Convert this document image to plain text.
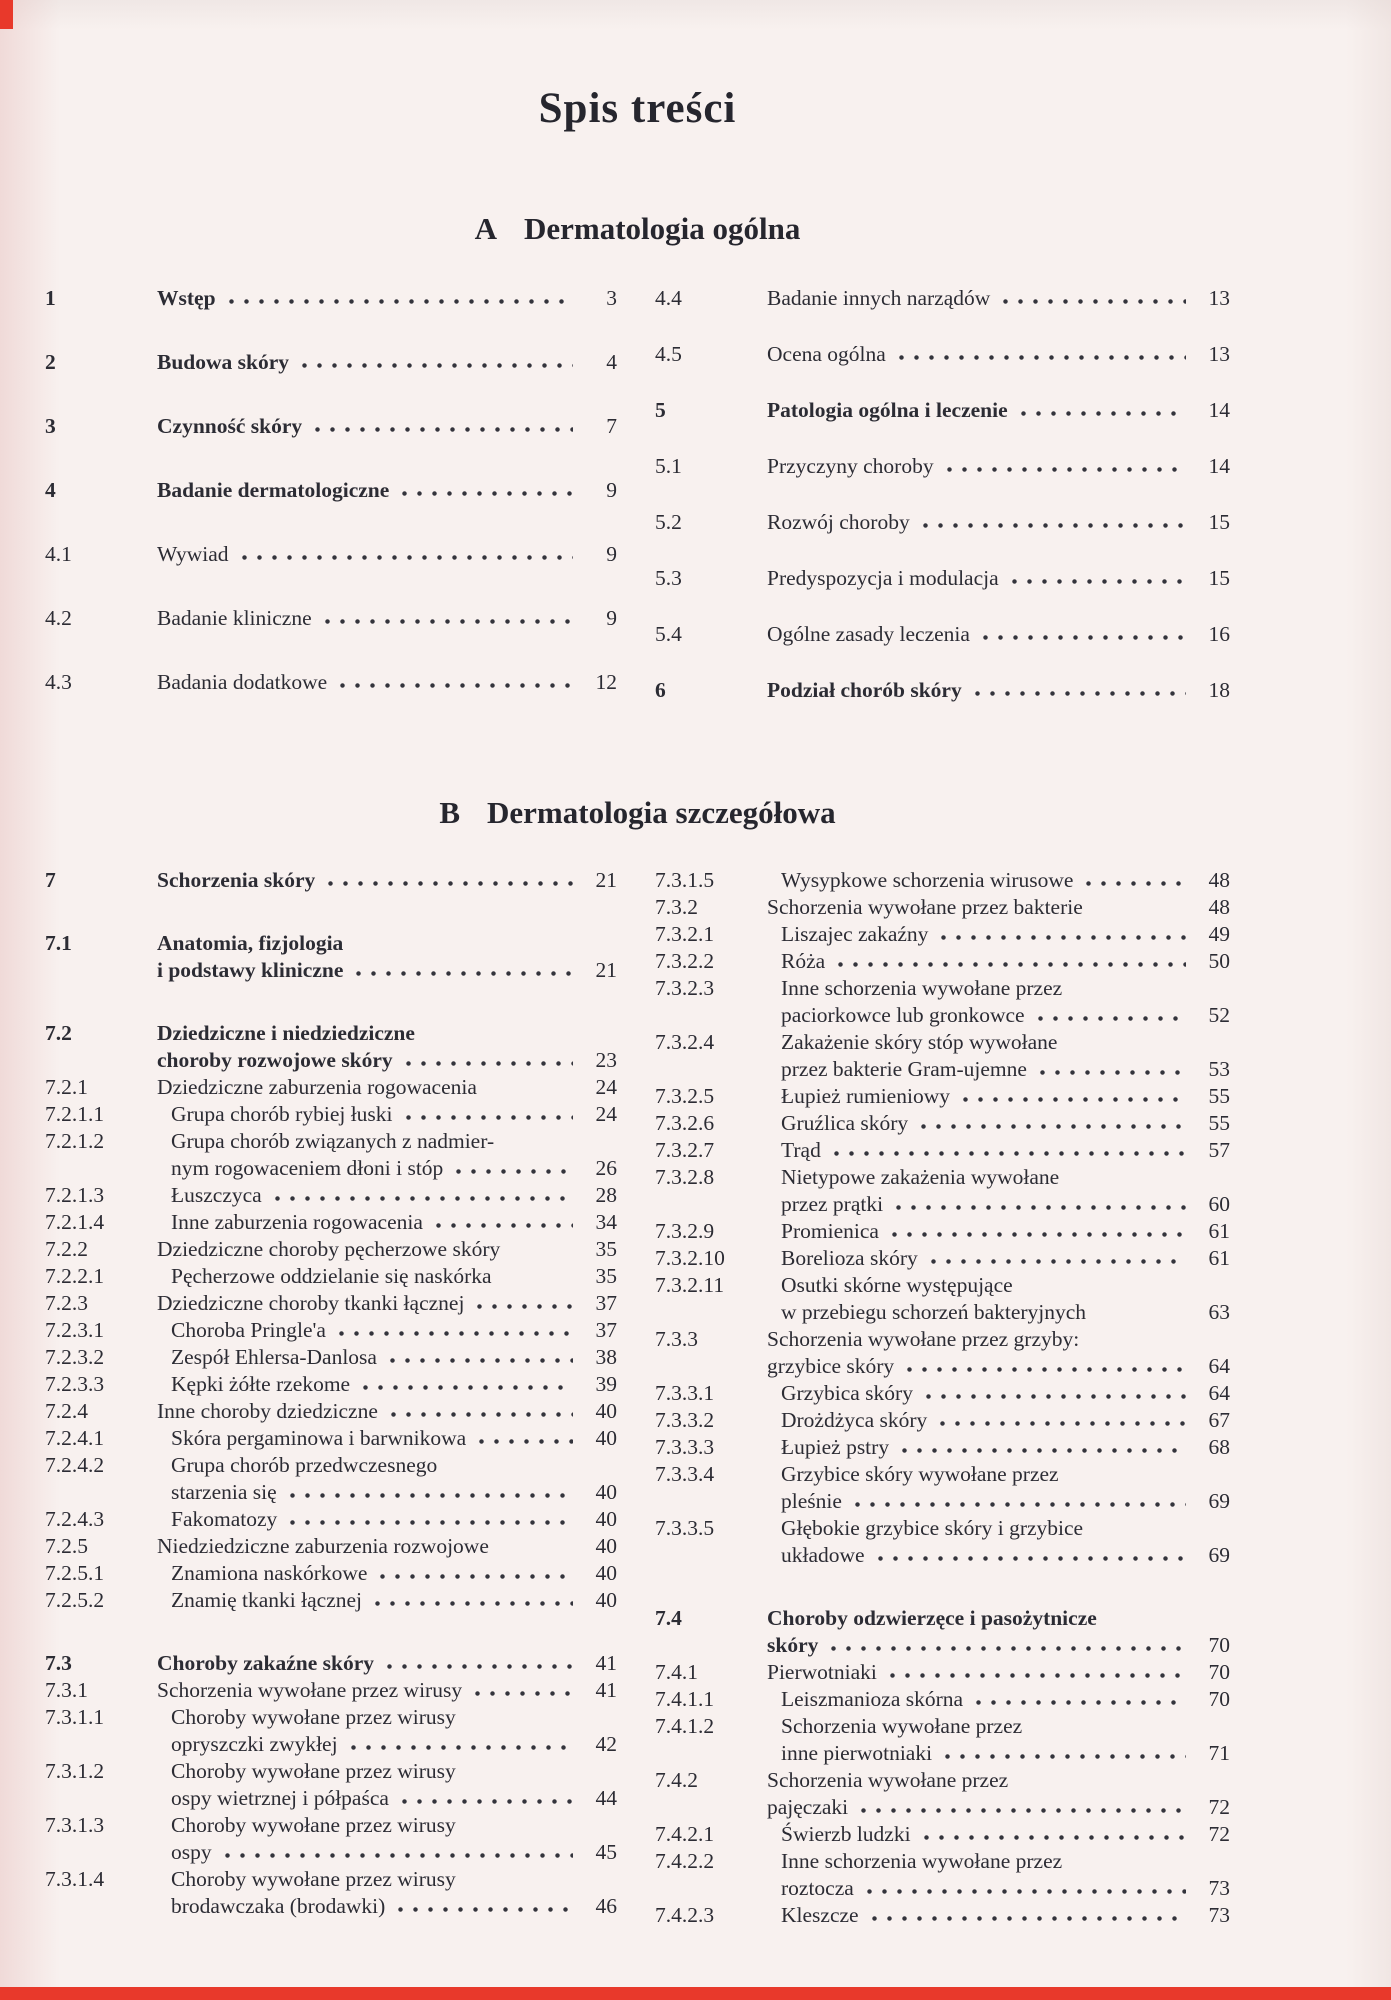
Spis treści
A Dermatologia ogólna
1	Wstęp	3
2	Budowa skóry	4
3	Czynność skóry	7
4	Badanie dermatologiczne	9
4.1	Wywiad	9
4.2	Badanie kliniczne	9
4.3	Badania dodatkowe	12
4.4	Badanie innych narządów	13
4.5	Ocena ogólna	13
5	Patologia ogólna i leczenie	14
5.1	Przyczyny choroby	14
5.2	Rozwój choroby	15
5.3	Predyspozycja i modulacja	15
5.4	Ogólne zasady leczenia	16
6	Podział chorób skóry	18
B Dermatologia szczegółowa
7	Schorzenia skóry	21
7.1	Anatomia, fizjologia
i podstawy kliniczne	21
7.2	Dziedziczne i niedziedziczne
choroby rozwojowe skóry	23
7.2.1	Dziedziczne zaburzenia rogowacenia	24
7.2.1.1	Grupa chorób rybiej łuski	24
7.2.1.2	Grupa chorób związanych z nadmier-
nym rogowaceniem dłoni i stóp	26
7.2.1.3	Łuszczyca	28
7.2.1.4	Inne zaburzenia rogowacenia	34
7.2.2	Dziedziczne choroby pęcherzowe skóry	35
7.2.2.1	Pęcherzowe oddzielanie się naskórka	35
7.2.3	Dziedziczne choroby tkanki łącznej	37
7.2.3.1	Choroba Pringle'a	37
7.2.3.2	Zespół Ehlersa-Danlosa	38
7.2.3.3	Kępki żółte rzekome	39
7.2.4	Inne choroby dziedziczne	40
7.2.4.1	Skóra pergaminowa i barwnikowa	40
7.2.4.2	Grupa chorób przedwczesnego
starzenia się	40
7.2.4.3	Fakomatozy	40
7.2.5	Niedziedziczne zaburzenia rozwojowe	40
7.2.5.1	Znamiona naskórkowe	40
7.2.5.2	Znamię tkanki łącznej	40
7.3	Choroby zakaźne skóry	41
7.3.1	Schorzenia wywołane przez wirusy	41
7.3.1.1	Choroby wywołane przez wirusy
opryszczki zwykłej	42
7.3.1.2	Choroby wywołane przez wirusy
ospy wietrznej i półpaśca	44
7.3.1.3	Choroby wywołane przez wirusy
ospy	45
7.3.1.4	Choroby wywołane przez wirusy
brodawczaka (brodawki)	46
7.3.1.5	Wysypkowe schorzenia wirusowe	48
7.3.2	Schorzenia wywołane przez bakterie	48
7.3.2.1	Liszajec zakaźny	49
7.3.2.2	Róża	50
7.3.2.3	Inne schorzenia wywołane przez
paciorkowce lub gronkowce	52
7.3.2.4	Zakażenie skóry stóp wywołane
przez bakterie Gram-ujemne	53
7.3.2.5	Łupież rumieniowy	55
7.3.2.6	Gruźlica skóry	55
7.3.2.7	Trąd	57
7.3.2.8	Nietypowe zakażenia wywołane
przez prątki	60
7.3.2.9	Promienica	61
7.3.2.10	Borelioza skóry	61
7.3.2.11	Osutki skórne występujące
w przebiegu schorzeń bakteryjnych	63
7.3.3	Schorzenia wywołane przez grzyby:
grzybice skóry	64
7.3.3.1	Grzybica skóry	64
7.3.3.2	Drożdżyca skóry	67
7.3.3.3	Łupież pstry	68
7.3.3.4	Grzybice skóry wywołane przez
pleśnie	69
7.3.3.5	Głębokie grzybice skóry i grzybice
układowe	69
7.4	Choroby odzwierzęce i pasożytnicze
skóry	70
7.4.1	Pierwotniaki	70
7.4.1.1	Leiszmanioza skórna	70
7.4.1.2	Schorzenia wywołane przez
inne pierwotniaki	71
7.4.2	Schorzenia wywołane przez
pajęczaki	72
7.4.2.1	Świerzb ludzki	72
7.4.2.2	Inne schorzenia wywołane przez
roztocza	73
7.4.2.3	Kleszcze	73
